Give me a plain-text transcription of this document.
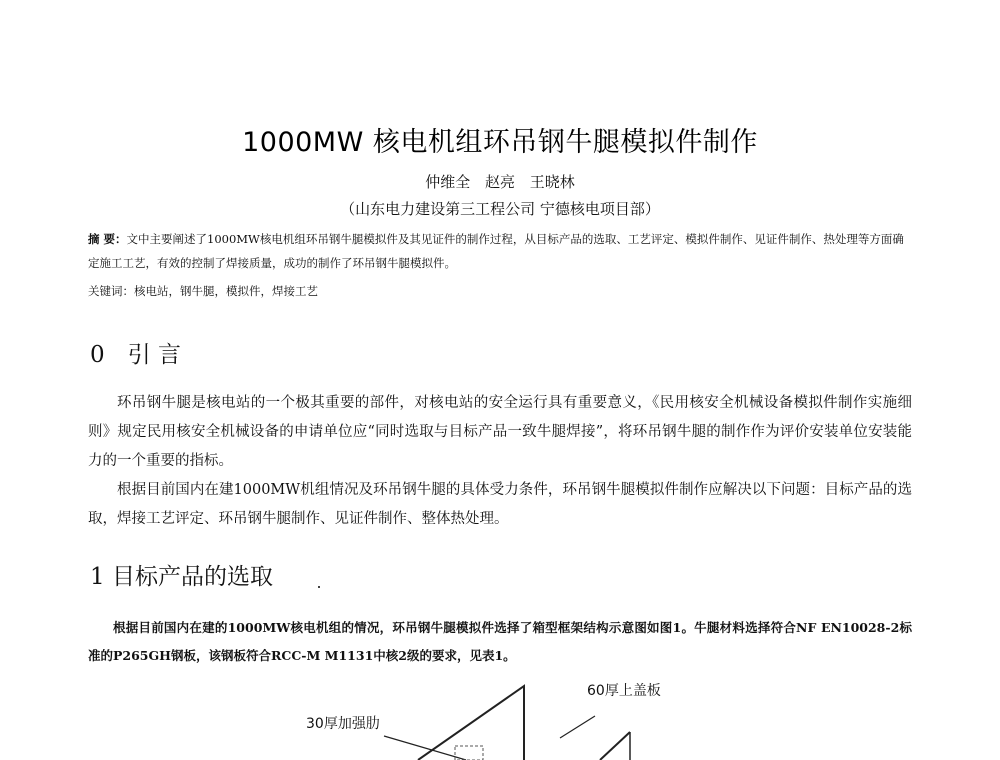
1000MW 核电机组环吊钢牛腿模拟件制作
仲维全 赵亮 王晓林
（山东电力建设第三工程公司 宁德核电项目部）
摘 要：文中主要阐述了1000MW核电机组环吊钢牛腿模拟件及其见证件的制作过程，从目标产品的选取、工艺评定、模拟件制作、见证件制作、热处理等方面确定施工工艺，有效的控制了焊接质量，成功的制作了环吊钢牛腿模拟件。
关键词：核电站，钢牛腿，模拟件，焊接工艺
0　引 言
环吊钢牛腿是核电站的一个极其重要的部件，对核电站的安全运行具有重要意义，《民用核安全机械设备模拟件制作实施细则》规定民用核安全机械设备的申请单位应“同时选取与目标产品一致牛腿焊接”，将环吊钢牛腿的制作作为评价安装单位安装能力的一个重要的指标。
根据目前国内在建1000MW机组情况及环吊钢牛腿的具体受力条件，环吊钢牛腿模拟件制作应解决以下问题：目标产品的选取，焊接工艺评定、环吊钢牛腿制作、见证件制作、整体热处理。
1 目标产品的选取
根据目前国内在建的1000MW核电机组的情况，环吊钢牛腿模拟件选择了箱型框架结构示意图如图1。牛腿材料选择符合NF EN10028-2标准的P265GH钢板，该钢板符合RCC-M M1131中核2级的要求，见表1。
60厚上盖板
30厚加强肋
